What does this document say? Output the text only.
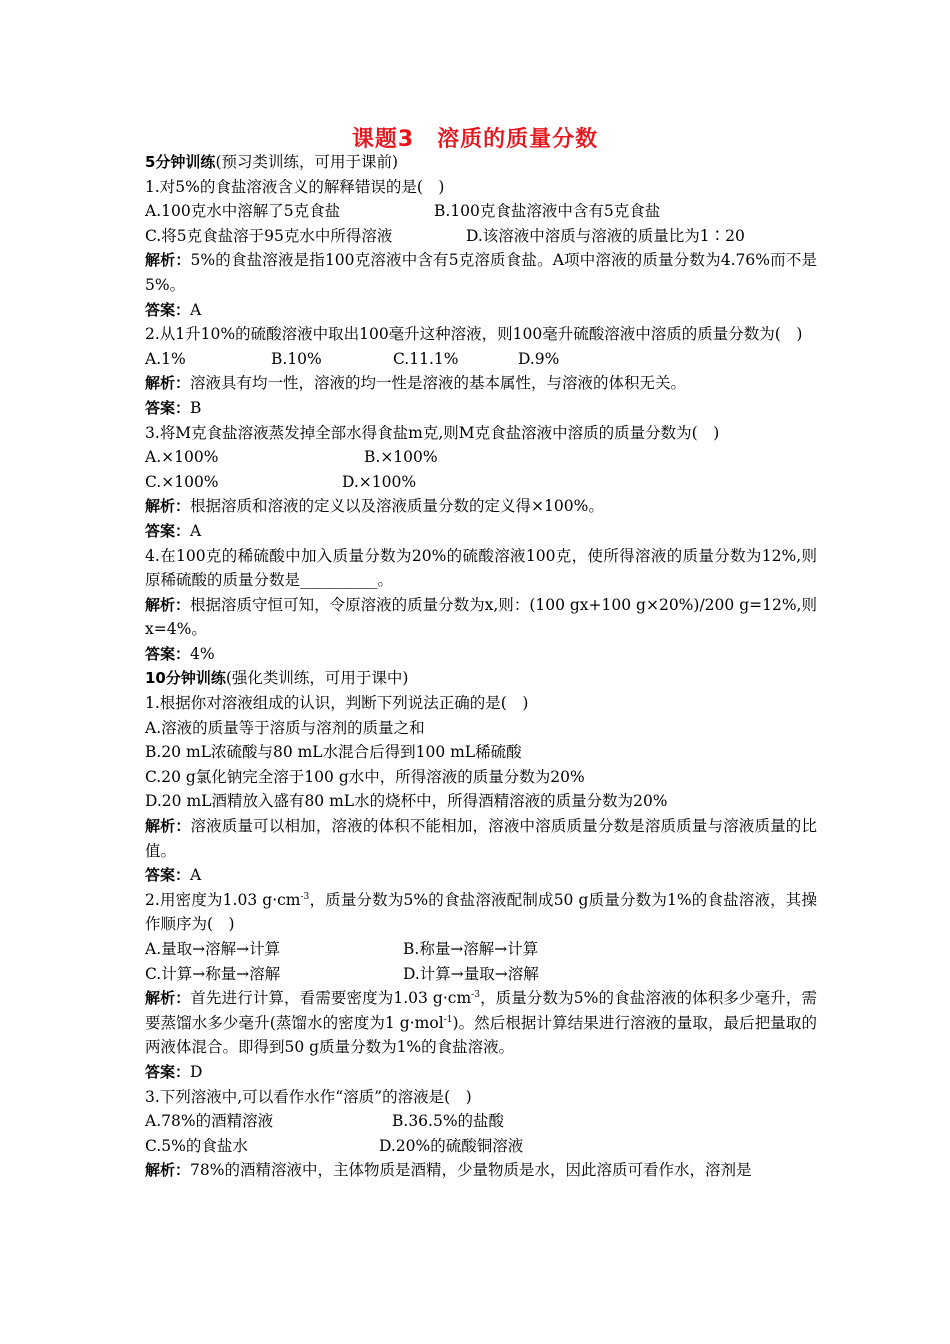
课题3　溶质的质量分数
5分钟训练(预习类训练，可用于课前)
1.对5%的食盐溶液含义的解释错误的是(　)
A.100克水中溶解了5克食盐	B.100克食盐溶液中含有5克食盐
C.将5克食盐溶于95克水中所得溶液	D.该溶液中溶质与溶液的质量比为1∶20
解析：5%的食盐溶液是指100克溶液中含有5克溶质食盐。A项中溶液的质量分数为4.76%而不是5%。
答案：A
2.从1升10%的硫酸溶液中取出100毫升这种溶液，则100毫升硫酸溶液中溶质的质量分数为(　)
A.1%	B.10%	C.11.1%	D.9%
解析：溶液具有均一性，溶液的均一性是溶液的基本属性，与溶液的体积无关。
答案：B
3.将M克食盐溶液蒸发掉全部水得食盐m克,则M克食盐溶液中溶质的质量分数为(　)
A.×100%	B.×100%
C.×100%	D.×100%
解析：根据溶质和溶液的定义以及溶液质量分数的定义得×100%。
答案：A
4.在100克的稀硫酸中加入质量分数为20%的硫酸溶液100克，使所得溶液的质量分数为12%,则原稀硫酸的质量分数是__________。
解析：根据溶质守恒可知，令原溶液的质量分数为x,则：(100 gx+100 g×20%)/200 g=12%,则x=4%。
答案：4%
10分钟训练(强化类训练，可用于课中)
1.根据你对溶液组成的认识，判断下列说法正确的是(　)
A.溶液的质量等于溶质与溶剂的质量之和
B.20 mL浓硫酸与80 mL水混合后得到100 mL稀硫酸
C.20 g氯化钠完全溶于100 g水中，所得溶液的质量分数为20%
D.20 mL酒精放入盛有80 mL水的烧杯中，所得酒精溶液的质量分数为20%
解析：溶液质量可以相加，溶液的体积不能相加，溶液中溶质质量分数是溶质质量与溶液质量的比值。
答案：A
2.用密度为1.03 $g\cdot cm^{-3}$，质量分数为5%的食盐溶液配制成50 g质量分数为1%的食盐溶液，其操作顺序为(　)
A.量取→溶解→计算	B.称量→溶解→计算
C.计算→称量→溶解	D.计算→量取→溶解
解析：首先进行计算，看需要密度为1.03 $g\cdot cm^{-3}$，质量分数为5%的食盐溶液的体积多少毫升，需要蒸馏水多少毫升(蒸馏水的密度为1 g·mol$^{-1}$)。然后根据计算结果进行溶液的量取，最后把量取的两液体混合。即得到50 g质量分数为1%的食盐溶液。
答案：D
3.下列溶液中,可以看作水作“溶质”的溶液是(　)
A.78%的酒精溶液	B.36.5%的盐酸
C.5%的食盐水	D.20%的硫酸铜溶液
解析：78%的酒精溶液中，主体物质是酒精，少量物质是水，因此溶质可看作水，溶剂是
